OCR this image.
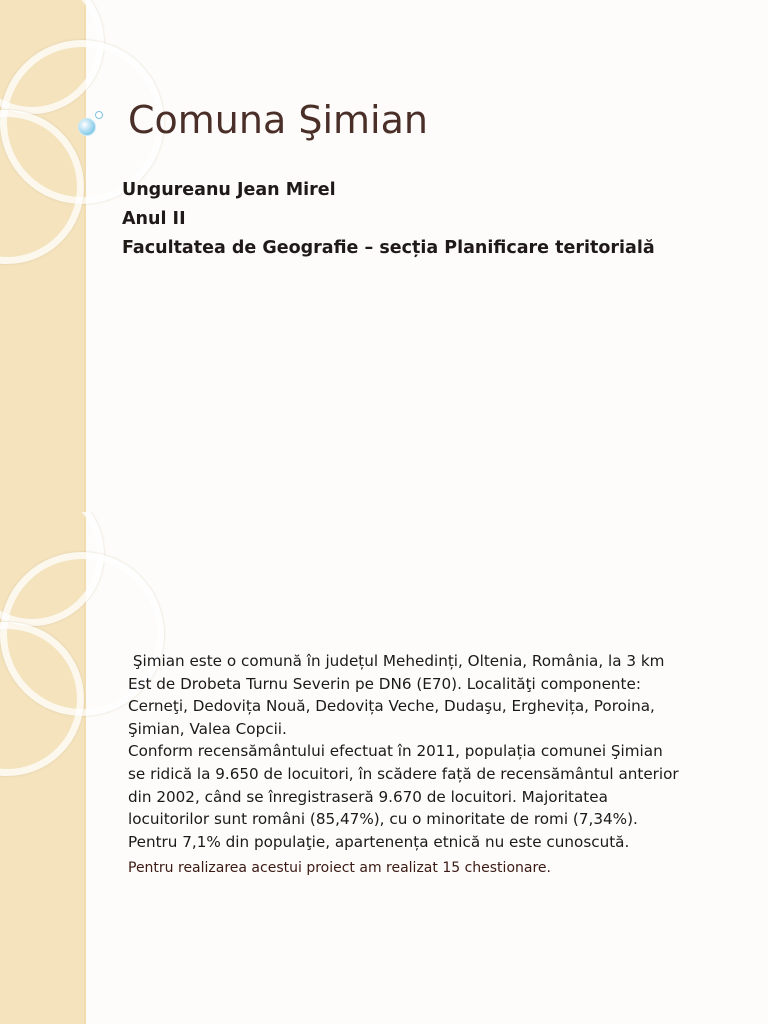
Comuna Şimian
Ungureanu Jean Mirel
Anul II
Facultatea de Geografie – secția Planificare teritorială
Şimian este o comună în județul Mehedinți, Oltenia, România, la 3 km
Est de Drobeta Turnu Severin pe DN6 (E70). Localităţi componente:
Cerneţi, Dedovița Nouă, Dedovița Veche, Dudaşu, Erghevița, Poroina,
Şimian, Valea Copcii.
Conform recensământului efectuat în 2011, populația comunei Şimian
se ridică la 9.650 de locuitori, în scădere față de recensământul anterior
din 2002, când se înregistraseră 9.670 de locuitori. Majoritatea
locuitorilor sunt români (85,47%), cu o minoritate de romi (7,34%).
Pentru 7,1% din populaţie, apartenența etnică nu este cunoscută.
Pentru realizarea acestui proiect am realizat 15 chestionare.
